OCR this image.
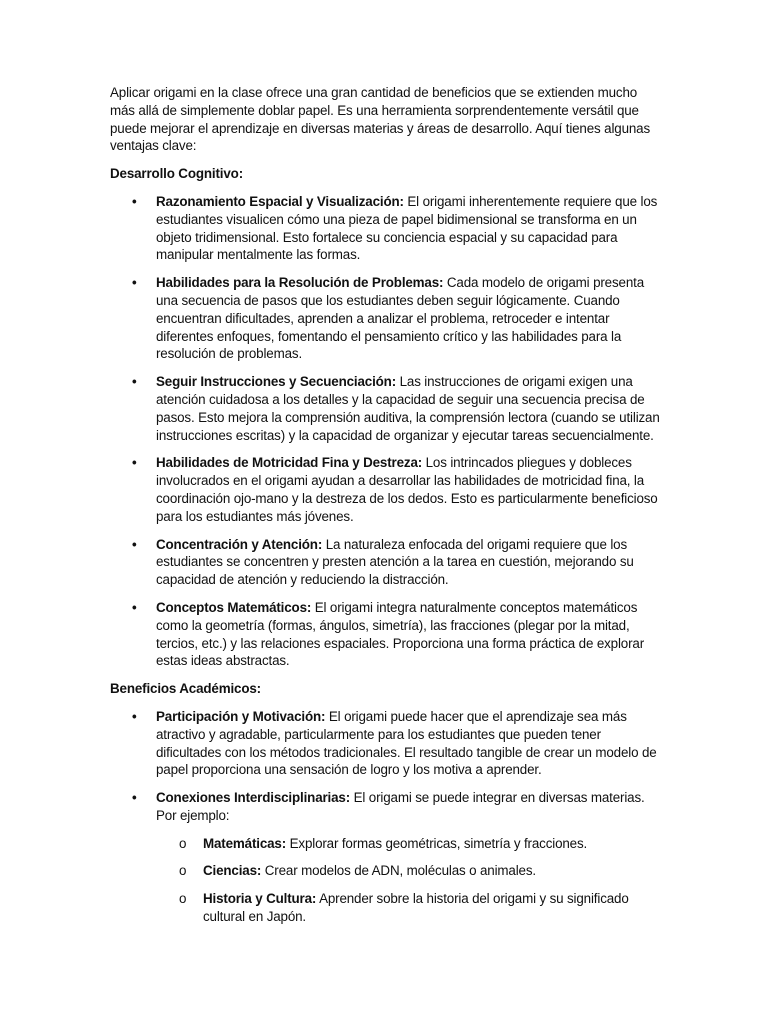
Aplicar origami en la clase ofrece una gran cantidad de beneficios que se extienden mucho más allá de simplemente doblar papel. Es una herramienta sorprendentemente versátil que puede mejorar el aprendizaje en diversas materias y áreas de desarrollo. Aquí tienes algunas ventajas clave:

Desarrollo Cognitivo:

• Razonamiento Espacial y Visualización: El origami inherentemente requiere que los estudiantes visualicen cómo una pieza de papel bidimensional se transforma en un objeto tridimensional. Esto fortalece su conciencia espacial y su capacidad para manipular mentalmente las formas.
• Habilidades para la Resolución de Problemas: Cada modelo de origami presenta una secuencia de pasos que los estudiantes deben seguir lógicamente. Cuando encuentran dificultades, aprenden a analizar el problema, retroceder e intentar diferentes enfoques, fomentando el pensamiento crítico y las habilidades para la resolución de problemas.
• Seguir Instrucciones y Secuenciación: Las instrucciones de origami exigen una atención cuidadosa a los detalles y la capacidad de seguir una secuencia precisa de pasos. Esto mejora la comprensión auditiva, la comprensión lectora (cuando se utilizan instrucciones escritas) y la capacidad de organizar y ejecutar tareas secuencialmente.
• Habilidades de Motricidad Fina y Destreza: Los intrincados pliegues y dobleces involucrados en el origami ayudan a desarrollar las habilidades de motricidad fina, la coordinación ojo-mano y la destreza de los dedos. Esto es particularmente beneficioso para los estudiantes más jóvenes.
• Concentración y Atención: La naturaleza enfocada del origami requiere que los estudiantes se concentren y presten atención a la tarea en cuestión, mejorando su capacidad de atención y reduciendo la distracción.
• Conceptos Matemáticos: El origami integra naturalmente conceptos matemáticos como la geometría (formas, ángulos, simetría), las fracciones (plegar por la mitad, tercios, etc.) y las relaciones espaciales. Proporciona una forma práctica de explorar estas ideas abstractas.

Beneficios Académicos:

• Participación y Motivación: El origami puede hacer que el aprendizaje sea más atractivo y agradable, particularmente para los estudiantes que pueden tener dificultades con los métodos tradicionales. El resultado tangible de crear un modelo de papel proporciona una sensación de logro y los motiva a aprender.
• Conexiones Interdisciplinarias: El origami se puede integrar en diversas materias. Por ejemplo:
o Matemáticas: Explorar formas geométricas, simetría y fracciones.
o Ciencias: Crear modelos de ADN, moléculas o animales.
o Historia y Cultura: Aprender sobre la historia del origami y su significado cultural en Japón.
